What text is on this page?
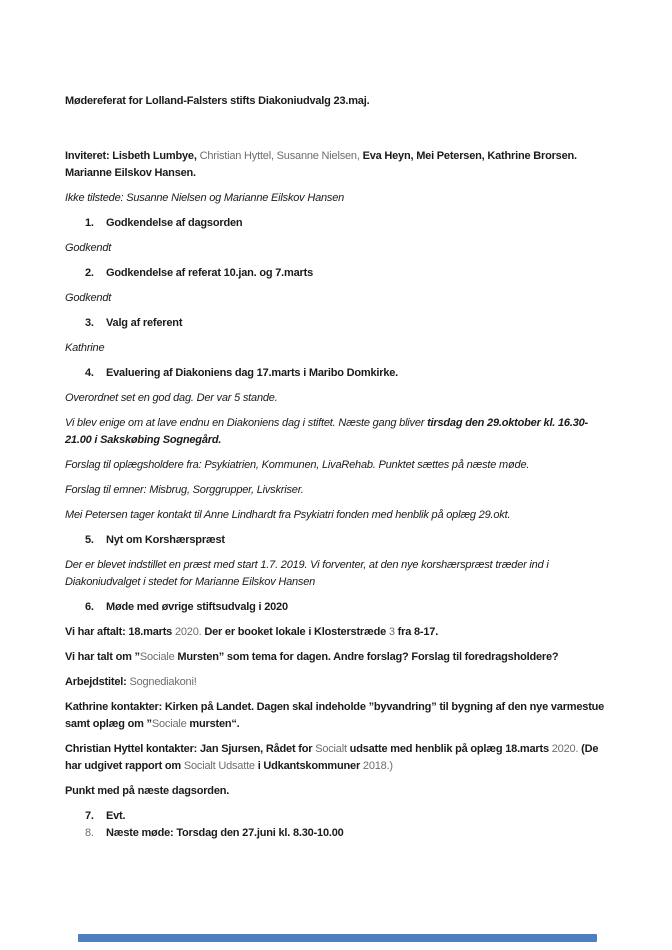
Mødereferat for Lolland-Falsters stifts Diakoniudvalg 23.maj.

Inviteret: Lisbeth Lumbye, Christian Hyttel, Susanne Nielsen, Eva Heyn, Mei Petersen, Kathrine Brorsen. Marianne Eilskov Hansen.

Ikke tilstede: Susanne Nielsen og Marianne Eilskov Hansen

1.	Godkendelse af dagsorden

Godkendt

2.	Godkendelse af referat 10.jan. og 7.marts

Godkendt

3.	Valg af referent

Kathrine

4.	Evaluering af Diakoniens dag 17.marts i Maribo Domkirke.

Overordnet set en god dag. Der var 5 stande.

Vi blev enige om at lave endnu en Diakoniens dag i stiftet. Næste gang bliver tirsdag den 29.oktober kl. 16.30-21.00 i Sakskøbing Sognegård.

Forslag til oplægsholdere fra: Psykiatrien, Kommunen, LivaRehab. Punktet sættes på næste møde.

Forslag til emner: Misbrug, Sorggrupper, Livskriser.

Mei Petersen tager kontakt til Anne Lindhardt fra Psykiatri fonden med henblik på oplæg 29.okt.

5.	Nyt om Korshærspræst

Der er blevet indstillet en præst med start 1.7. 2019. Vi forventer, at den nye korshærspræst træder ind i Diakoniudvalget i stedet for Marianne Eilskov Hansen

6.	Møde med øvrige stiftsudvalg i 2020

Vi har aftalt: 18.marts 2020. Der er booket lokale i Klosterstræde 3 fra 8-17.

Vi har talt om ”Sociale Mursten” som tema for dagen. Andre forslag? Forslag til foredragsholdere?

Arbejdstitel: Sognediakoni!

Kathrine kontakter: Kirken på Landet. Dagen skal indeholde ”byvandring” til bygning af den nye varmestue samt oplæg om ”Sociale mursten“.

Christian Hyttel kontakter: Jan Sjursen, Rådet for Socialt udsatte med henblik på oplæg 18.marts 2020. (De har udgivet rapport om Socialt Udsatte i Udkantskommuner 2018.)

Punkt med på næste dagsorden.

7.	Evt.
8.	Næste møde: Torsdag den 27.juni kl. 8.30-10.00
